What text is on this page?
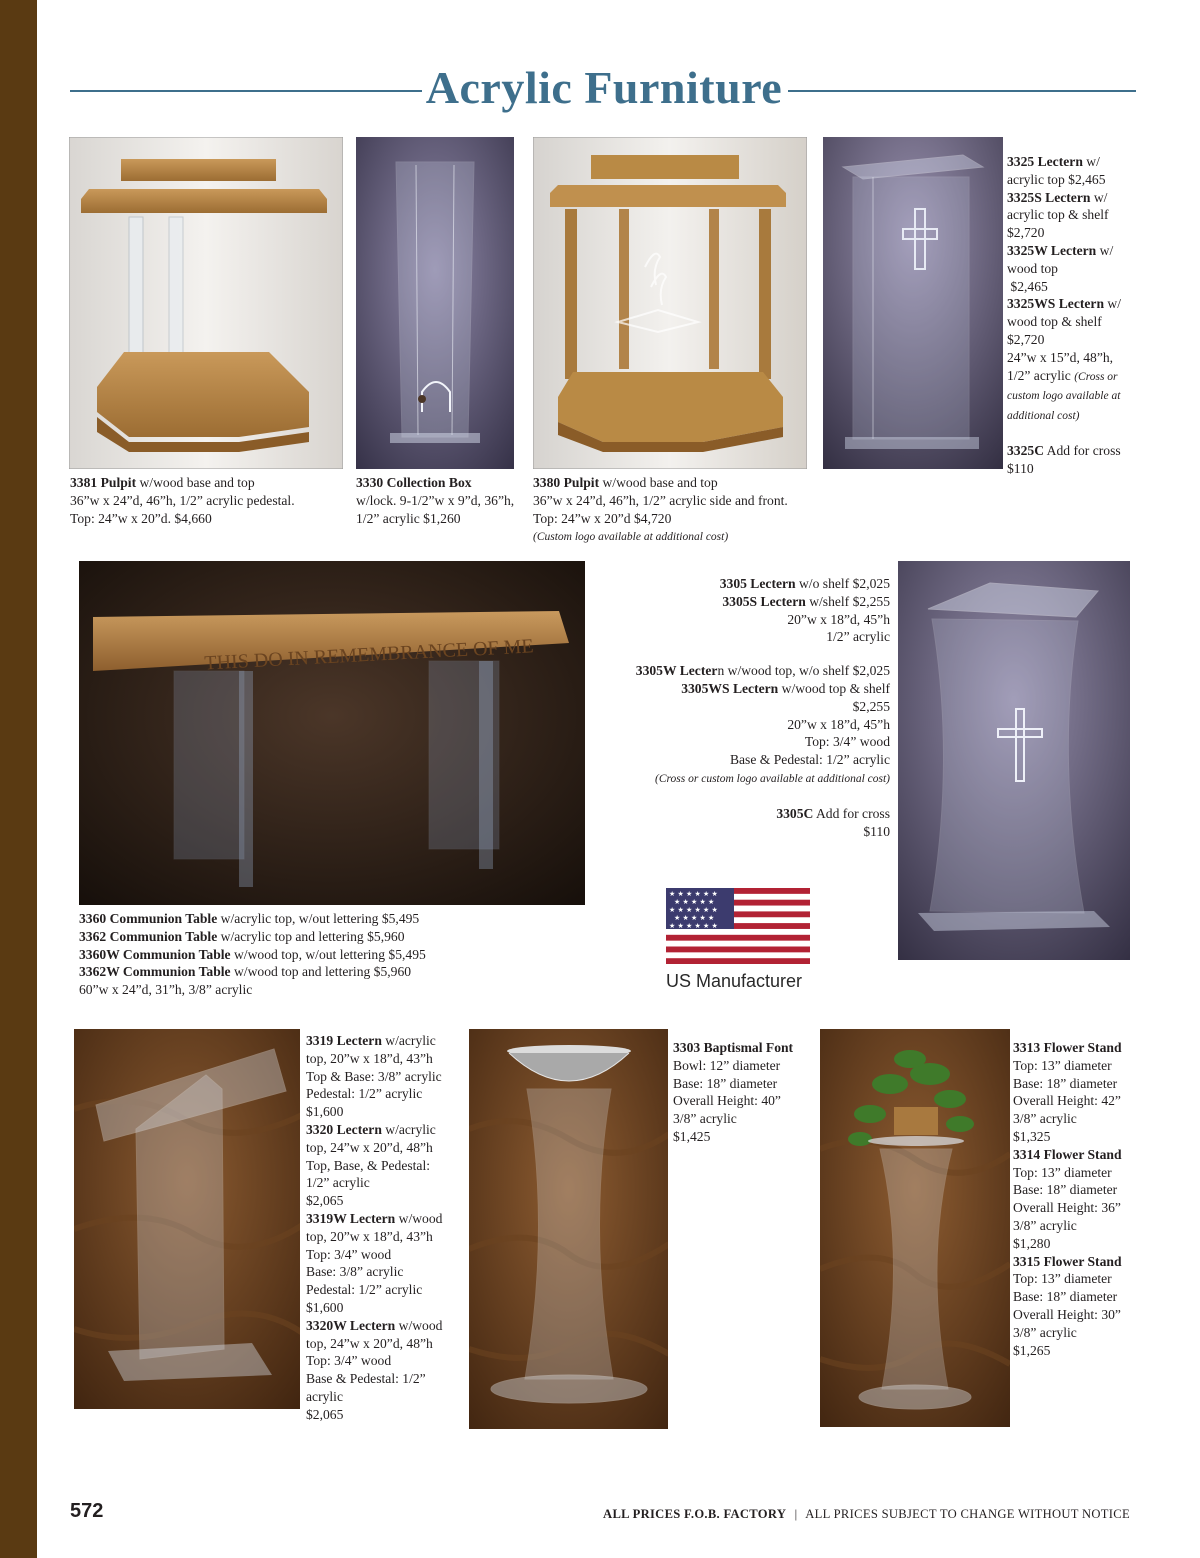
Acrylic Furniture
3381 Pulpit w/wood base and top
36”w x 24”d, 46”h, 1/2” acrylic pedestal.
Top: 24”w x 20”d. $4,660
3330 Collection Box
w/lock. 9-1/2”w x 9”d, 36”h,
1/2” acrylic $1,260
3380 Pulpit w/wood base and top
36”w x 24”d, 46”h, 1/2” acrylic side and front.
Top: 24”w x 20”d $4,720
(Custom logo available at additional cost)
3325 Lectern w/
acrylic top $2,465
3325S Lectern w/
acrylic top & shelf
$2,720
3325W Lectern w/
wood top
$2,465
3325WS Lectern w/
wood top & shelf
$2,720
24”w x 15”d, 48”h,
1/2” acrylic (Cross or
custom logo available at
additional cost)
3325C Add for cross
$110
THIS DO IN REMEMBRANCE OF ME
3305 Lectern w/o shelf $2,025
3305S Lectern w/shelf $2,255
20”w x 18”d, 45”h
1/2” acrylic
3305W Lectern w/wood top, w/o shelf $2,025
3305WS Lectern w/wood top & shelf
$2,255
20”w x 18”d, 45”h
Top: 3/4” wood
Base & Pedestal: 1/2” acrylic
(Cross or custom logo available at additional cost)
3305C Add for cross
$110
★ ★ ★ ★ ★ ★
★ ★ ★ ★ ★
★ ★ ★ ★ ★ ★
★ ★ ★ ★ ★
★ ★ ★ ★ ★ ★
US Manufacturer
3360 Communion Table w/acrylic top, w/out lettering $5,495
3362 Communion Table w/acrylic top and lettering $5,960
3360W Communion Table w/wood top, w/out lettering $5,495
3362W Communion Table w/wood top and lettering $5,960
60”w x 24”d, 31”h, 3/8” acrylic
3319 Lectern w/acrylic
top, 20”w x 18”d, 43”h
Top & Base: 3/8” acrylic
Pedestal: 1/2” acrylic
$1,600
3320 Lectern w/acrylic
top, 24”w x 20”d, 48”h
Top, Base, & Pedestal:
1/2” acrylic
$2,065
3319W Lectern w/wood
top, 20”w x 18”d, 43”h
Top: 3/4” wood
Base: 3/8” acrylic
Pedestal: 1/2” acrylic
$1,600
3320W Lectern w/wood
top, 24”w x 20”d, 48”h
Top: 3/4” wood
Base & Pedestal: 1/2”
acrylic
$2,065
3303 Baptismal Font
Bowl: 12” diameter
Base: 18” diameter
Overall Height: 40”
3/8” acrylic
$1,425
3313 Flower Stand
Top: 13” diameter
Base: 18” diameter
Overall Height: 42”
3/8” acrylic
$1,325
3314 Flower Stand
Top: 13” diameter
Base: 18” diameter
Overall Height: 36”
3/8” acrylic
$1,280
3315 Flower Stand
Top: 13” diameter
Base: 18” diameter
Overall Height: 30”
3/8” acrylic
$1,265
572	ALL PRICES F.O.B. FACTORY | ALL PRICES SUBJECT TO CHANGE WITHOUT NOTICE
